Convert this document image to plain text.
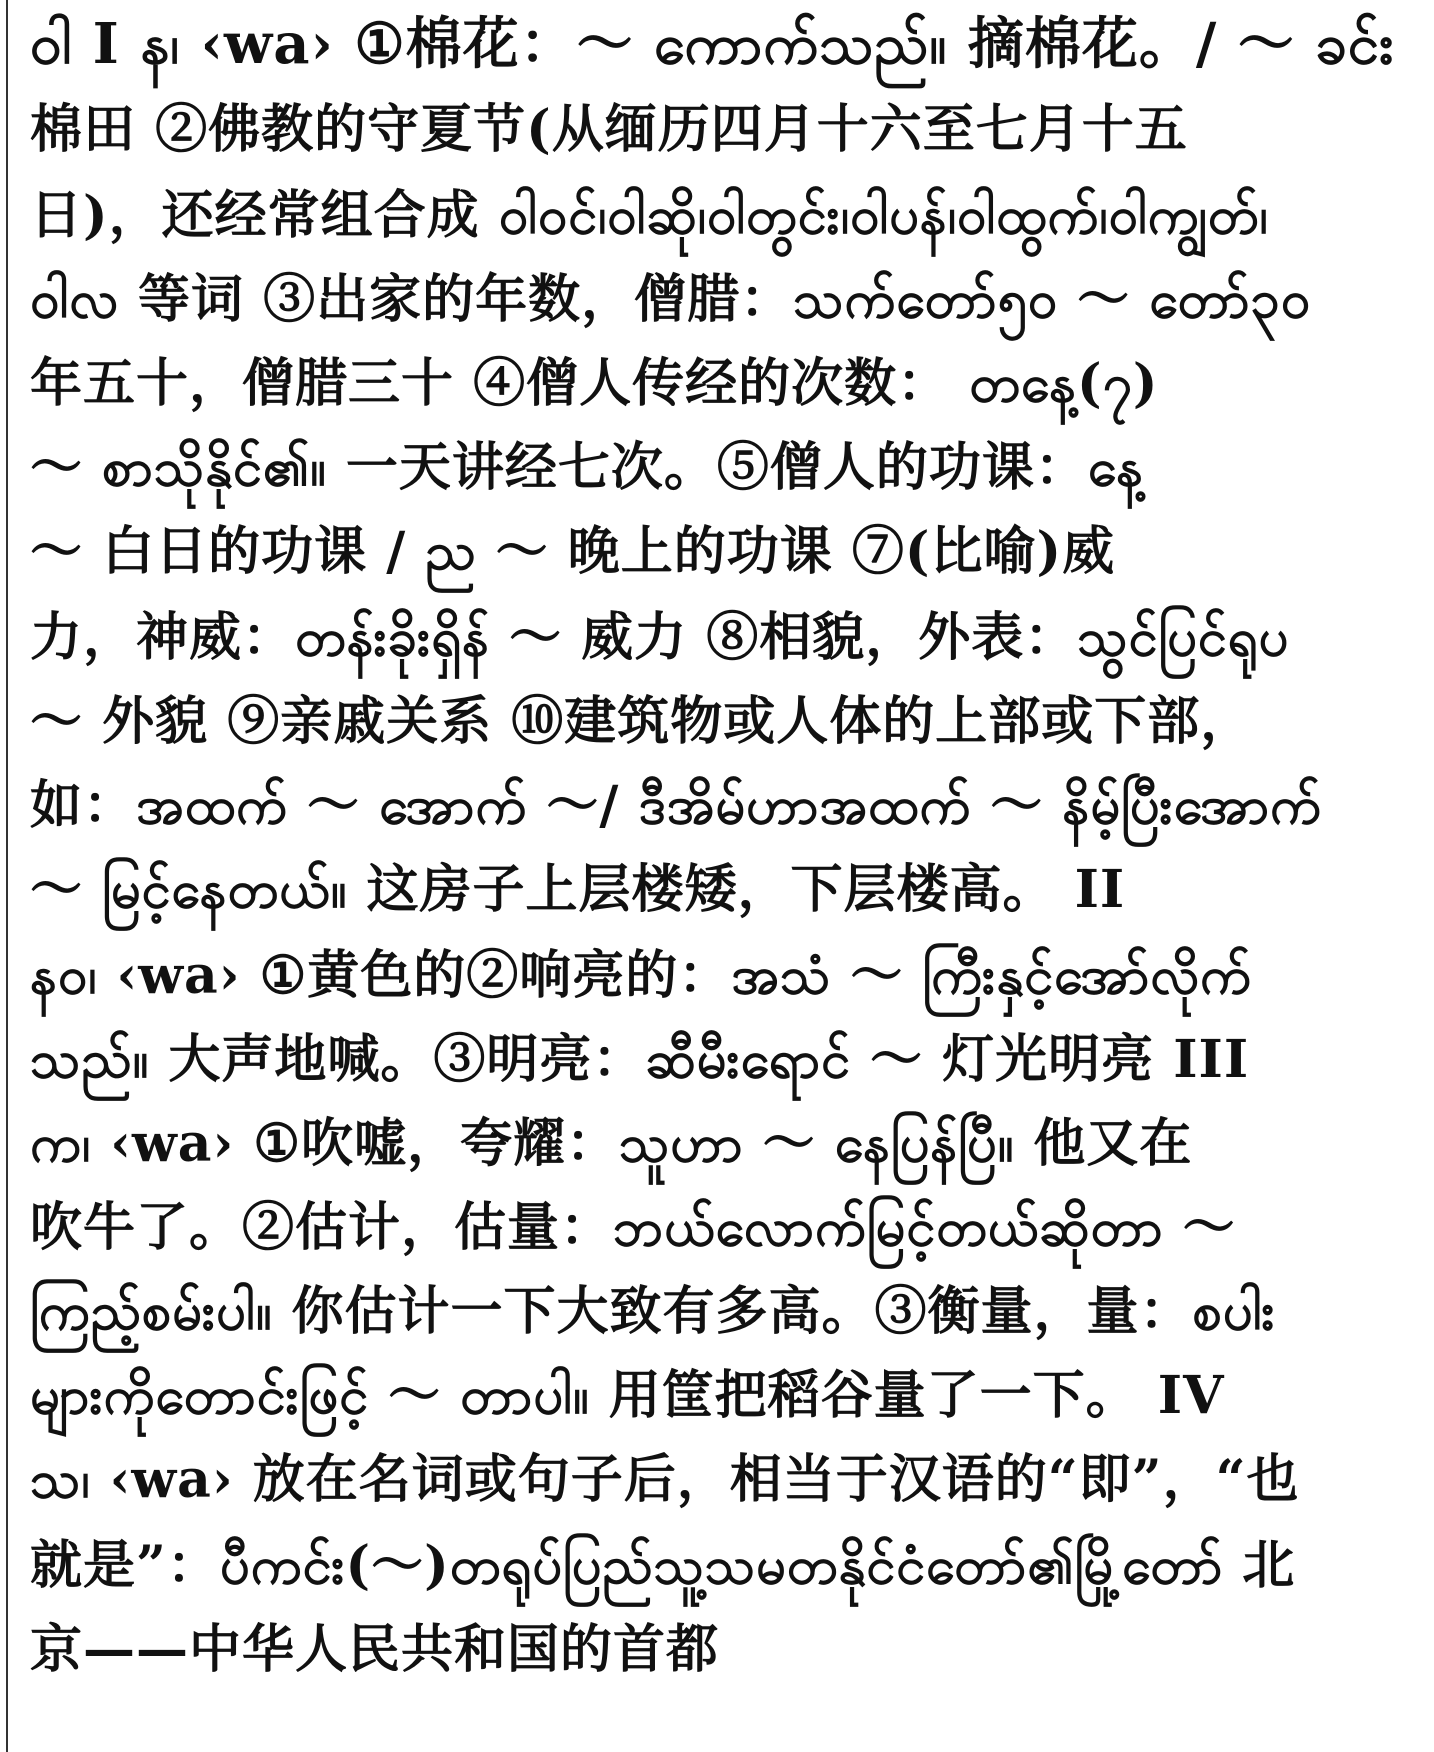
ဝါ I န၊ ‹wa› ①棉花：～ ကောက်သည်။ 摘棉花。/ ～ ခင်း
棉田 ②佛教的守夏节(从缅历四月十六至七月十五
日)，还经常组合成 ဝါဝင်၊ဝါဆို၊ဝါတွင်း၊ဝါပန်၊ဝါထွက်၊ဝါကျွတ်၊
ဝါလ 等词 ③出家的年数，僧腊：သက်တော်၅၀ ～ တော်၃၀
年五十，僧腊三十 ④僧人传经的次数： တနေ့(၇)
～ စာသိုနိုင်၏။ 一天讲经七次。⑤僧人的功课：နေ့
～ 白日的功课 / ည ～ 晚上的功课 ⑦(比喻)威
力，神威：တန်းခိုးရှိန် ～ 威力 ⑧相貌，外表：သွင်ပြင်ရုပ
～ 外貌 ⑨亲戚关系 ⑩建筑物或人体的上部或下部，
如：အထက် ～ အောက် ～/ ဒီအိမ်ဟာအထက် ～ နိမ့်ပြီးအောက်
～ မြင့်နေတယ်။ 这房子上层楼矮，下层楼高。 II
နဝ၊ ‹wa› ①黄色的②响亮的：အသံ ～ ကြီးနှင့်အော်လိုက်
သည်။ 大声地喊。③明亮：ဆီမီးရောင် ～ 灯光明亮 III
က၊ ‹wa› ①吹嘘，夸耀：သူဟာ ～ နေပြန်ပြီ။ 他又在
吹牛了。②估计，估量：ဘယ်လောက်မြင့်တယ်ဆိုတာ ～
ကြည့်စမ်းပါ။ 你估计一下大致有多高。③衡量，量：စပါး
များကိုတောင်းဖြင့် ～ တာပါ။ 用筐把稻谷量了一下。 IV
သ၊ ‹wa› 放在名词或句子后，相当于汉语的“即”，“也
就是”：ပီကင်း(～)တရုပ်ပြည်သူ့သမတနိုင်ငံတော်၏မြို့တော် 北
京——中华人民共和国的首都
